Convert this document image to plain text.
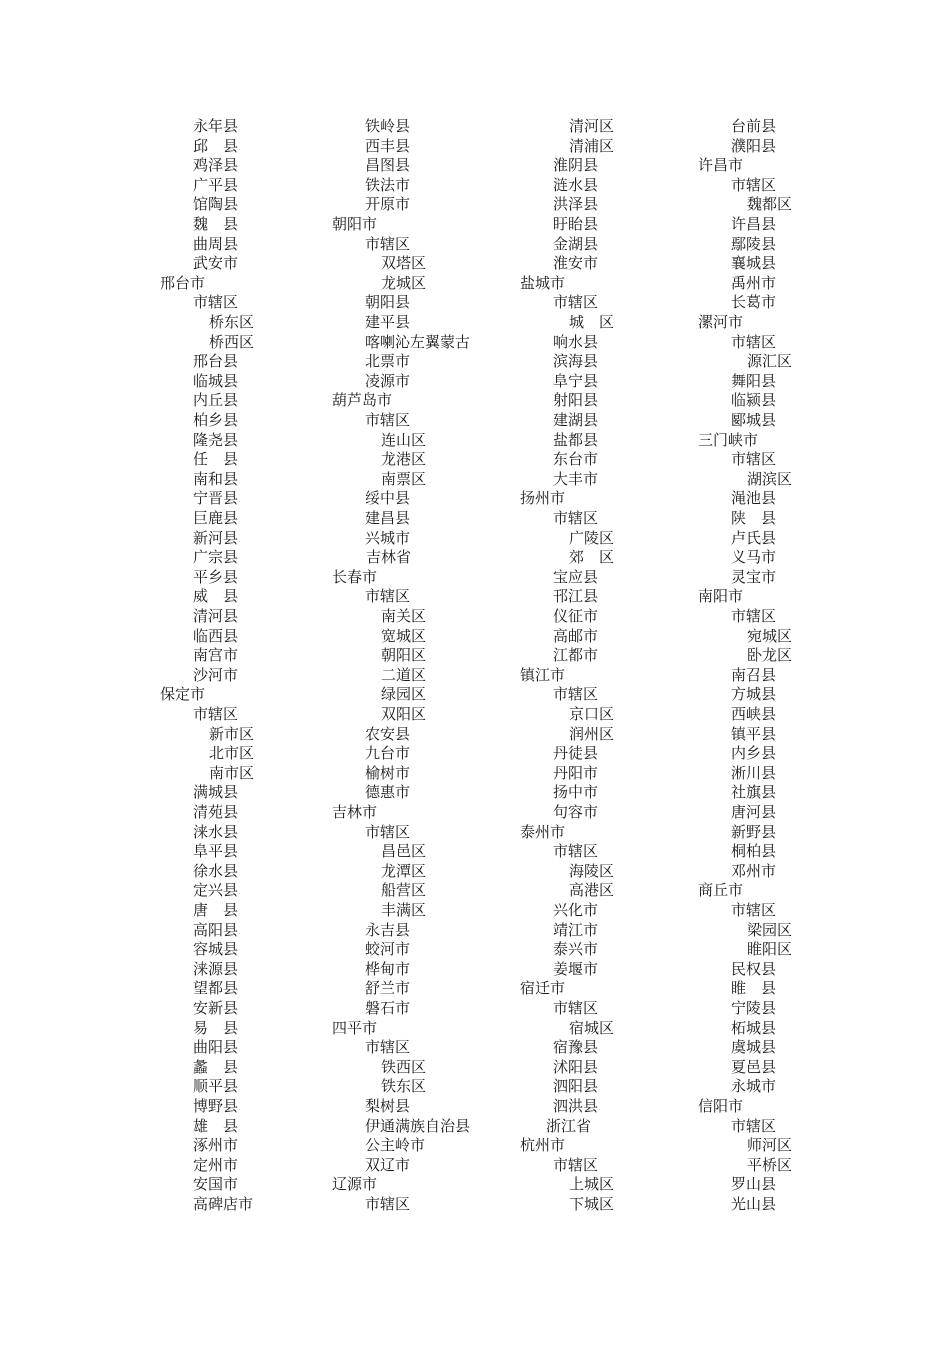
永年县
邱　县
鸡泽县
广平县
馆陶县
魏　县
曲周县
武安市
邢台市
市辖区
桥东区
桥西区
邢台县
临城县
内丘县
柏乡县
隆尧县
任　县
南和县
宁晋县
巨鹿县
新河县
广宗县
平乡县
威　县
清河县
临西县
南宫市
沙河市
保定市
市辖区
新市区
北市区
南市区
满城县
清苑县
涞水县
阜平县
徐水县
定兴县
唐　县
高阳县
容城县
涞源县
望都县
安新县
易　县
曲阳县
蠡　县
顺平县
博野县
雄　县
涿州市
定州市
安国市
高碑店市
铁岭县
西丰县
昌图县
铁法市
开原市
朝阳市
市辖区
双塔区
龙城区
朝阳县
建平县
喀喇沁左翼蒙古
北票市
凌源市
葫芦岛市
市辖区
连山区
龙港区
南票区
绥中县
建昌县
兴城市
吉林省
长春市
市辖区
南关区
宽城区
朝阳区
二道区
绿园区
双阳区
农安县
九台市
榆树市
德惠市
吉林市
市辖区
昌邑区
龙潭区
船营区
丰满区
永吉县
蛟河市
桦甸市
舒兰市
磐石市
四平市
市辖区
铁西区
铁东区
梨树县
伊通满族自治县
公主岭市
双辽市
辽源市
市辖区
清河区
清浦区
淮阴县
涟水县
洪泽县
盱眙县
金湖县
淮安市
盐城市
市辖区
城　区
响水县
滨海县
阜宁县
射阳县
建湖县
盐都县
东台市
大丰市
扬州市
市辖区
广陵区
郊　区
宝应县
邗江县
仪征市
高邮市
江都市
镇江市
市辖区
京口区
润州区
丹徒县
丹阳市
扬中市
句容市
泰州市
市辖区
海陵区
高港区
兴化市
靖江市
泰兴市
姜堰市
宿迁市
市辖区
宿城区
宿豫县
沭阳县
泗阳县
泗洪县
浙江省
杭州市
市辖区
上城区
下城区
台前县
濮阳县
许昌市
市辖区
魏都区
许昌县
鄢陵县
襄城县
禹州市
长葛市
漯河市
市辖区
源汇区
舞阳县
临颍县
郾城县
三门峡市
市辖区
湖滨区
渑池县
陕　县
卢氏县
义马市
灵宝市
南阳市
市辖区
宛城区
卧龙区
南召县
方城县
西峡县
镇平县
内乡县
淅川县
社旗县
唐河县
新野县
桐柏县
邓州市
商丘市
市辖区
梁园区
睢阳区
民权县
睢　县
宁陵县
柘城县
虞城县
夏邑县
永城市
信阳市
市辖区
师河区
平桥区
罗山县
光山县
